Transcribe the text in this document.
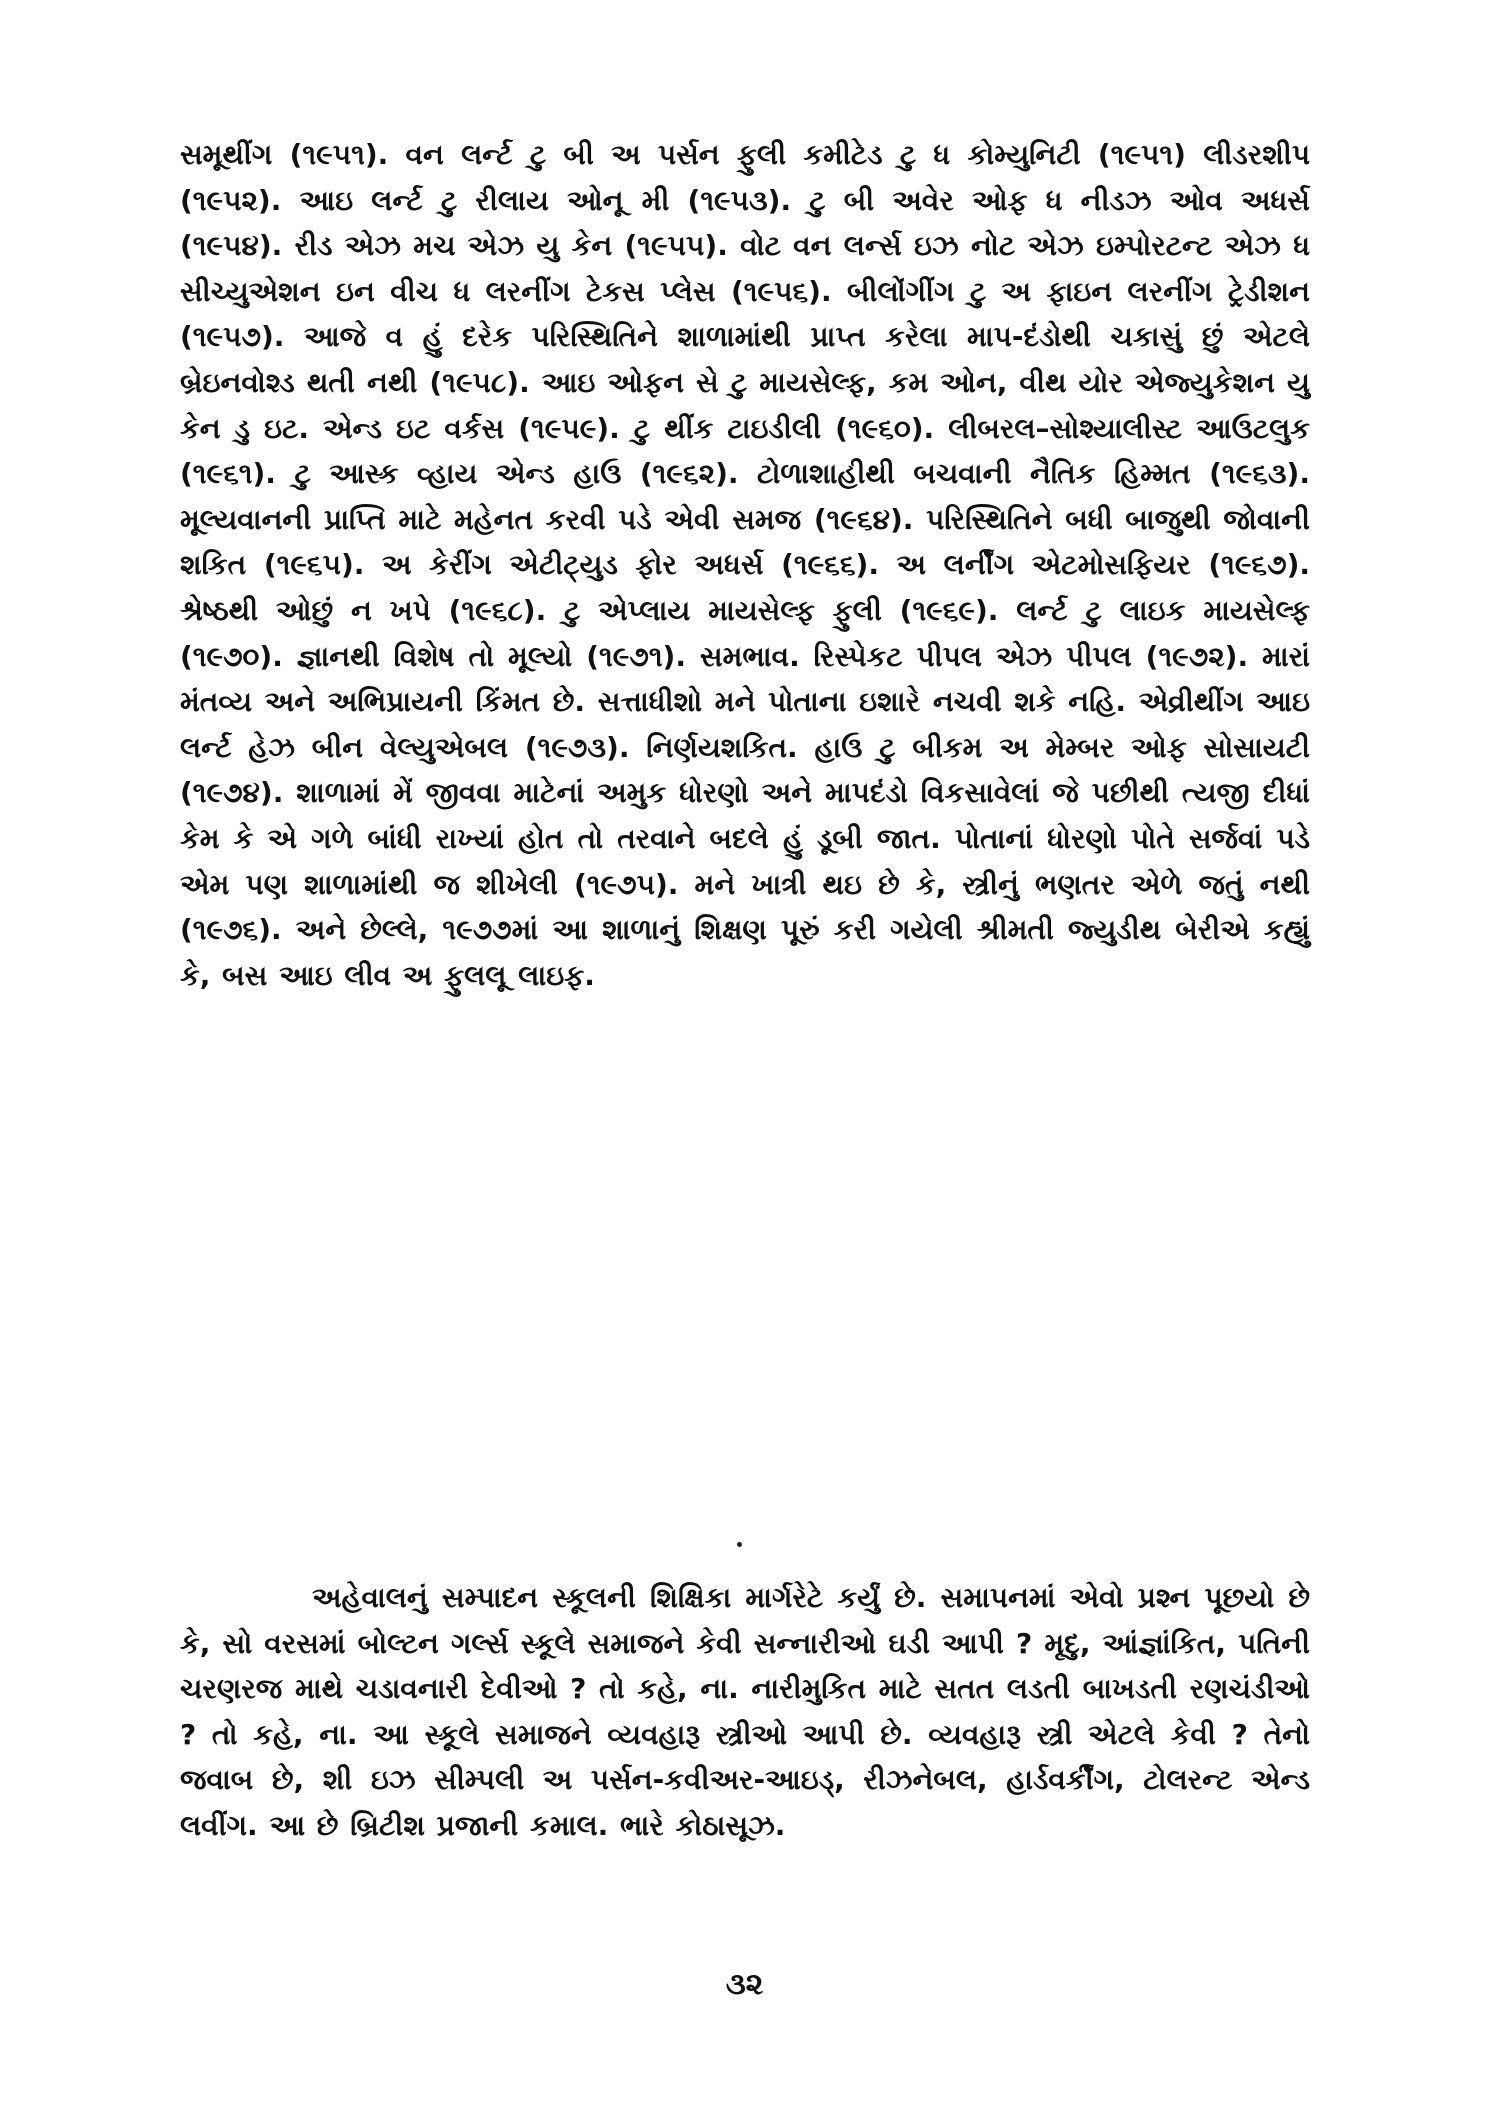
સમૂથીંગ (૧૯૫૧). વન લર્ન્ટ ટુ બી અ પર્સન ફુલી કમીટેડ ટુ ધ કોમ્યુનિટી (૧૯૫૧) લીડરશીપ (૧૯૫૨). આઇ લર્ન્ટ ટુ રીલાય ઓનૂ મી (૧૯૫૩). ટુ બી અવેર ઓફ ધ નીડઝ ઓવ અધર્સ (૧૯૫૪). રીડ એઝ મચ એઝ યુ કેન (૧૯૫૫). વોટ વન લર્ન્સ ઇઝ નોટ એઝ ઇમ્પોરટન્ટ એઝ ધ સીચ્યુએશન ઇન વીચ ધ લરનીંગ ટેકસ પ્લેસ (૧૯૫૬). બીલોંગીંગ ટુ અ ફાઇન લરનીંગ ટ્રેડીશન (૧૯૫૭). આજે વ હું દરેક પરિસ્થિતિને શાળામાંથી પ્રાપ્ત કરેલા માપ-દંડોથી ચકાસું છું એટલે બ્રેઇનવોશ્ડ થતી નથી (૧૯૫૮). આઇ ઓફન સે ટુ માયસેલ્ફ, કમ ઓન, વીથ યોર એજ્યુકેશન યુ કેન ડુ ઇટ. એન્ડ ઇટ વર્કસ (૧૯૫૯). ટુ થીંક ટાઇડીલી (૧૯૬૦). લીબરલ–સોશ્યાલીસ્ટ આઉટલુક (૧૯૬૧). ટુ આસ્ક વ્હાય એન્ડ હાઉ (૧૯૬૨). ટોળાશાહીથી બચવાની નૈતિક હિમ્મત (૧૯૬૩). મૂલ્યવાનની પ્રાપ્તિ માટે મહેનત કરવી પડે એવી સમજ (૧૯૬૪). પરિસ્થિતિને બધી બાજુથી જોવાની શકિત (૧૯૬૫). અ કેરીંગ એટીટ્યુડ ફોર અધર્સ (૧૯૬૬). અ લર્નીંગ એટમોસફિયર (૧૯૬૭). શ્રેષ્ઠથી ઓછું ન ખપે (૧૯૬૮). ટુ એપ્લાય માયસેલ્ફ ફુલી (૧૯૬૯). લર્ન્ટ ટુ લાઇક માયસેલ્ફ (૧૯૭૦). જ્ઞાનથી વિશેષ તો મૂલ્યો (૧૯૭૧). સમભાવ. રિસ્પેકટ પીપલ એઝ પીપલ (૧૯૭૨). મારાં મંતવ્ય અને અભિપ્રાયની કિંમત છે. સત્તાધીશો મને પોતાના ઇશારે નચવી શકે નહિ. એવ્રીથીંગ આઇ લર્ન્ટ હેઝ બીન વેલ્યુએબલ (૧૯૭૩). નિર્ણયશકિત. હાઉ ટુ બીકમ અ મેમ્બર ઓફ સોસાયટી (૧૯૭૪). શાળામાં મેં જીવવા માટેનાં અમુક ધોરણો અને માપદંડો વિકસાવેલાં જે પછીથી ત્યજી દીધાં કેમ કે એ ગળે બાંધી રાખ્યાં હોત તો તરવાને બદલે હું ડૂબી જાત. પોતાનાં ધોરણો પોતે સર્જવાં પડે એમ પણ શાળામાંથી જ શીખેલી (૧૯૭૫). મને ખાત્રી થઇ છે કે, સ્ત્રીનું ભણતર એળે જતું નથી (૧૯૭૬). અને છેલ્લે, ૧૯૭૭માં આ શાળાનું શિક્ષણ પૂરું કરી ગયેલી શ્રીમતી જ્યુડીથ બેરીએ કહ્યું કે, બસ આઇ લીવ અ ફુલલૂ લાઇફ.

અહેવાલનું સમ્પાદન સ્કૂલની શિક્ષિકા માર્ગરેટે કર્યું છે. સમાપનમાં એવો પ્રશ્ન પૂછયો છે કે, સો વરસમાં બોલ્ટન ગર્લ્સ સ્કૂલે સમાજને કેવી સન્નારીઓ ઘડી આપી ? મૃદુ, આંજ્ઞાંકિત, પતિની ચરણરજ માથે ચડાવનારી દેવીઓ ? તો કહે, ના. નારીમુકિત માટે સતત લડતી બાખડતી રણચંડીઓ ? તો કહે, ના. આ સ્કૂલે સમાજને વ્યવહારૂ સ્ત્રીઓ આપી છે. વ્યવહારૂ સ્ત્રી એટલે કેવી ? તેનો જવાબ છે, શી ઇઝ સીમ્પલી અ પર્સન-કવીઅર-આઇડ્, રીઝનેબલ, હાર્ડવર્કીંગ, ટોલરન્ટ એન્ડ લવીંગ. આ છે બ્રિટીશ પ્રજાની કમાલ. ભારે કોઠાસૂઝ.

૩૨
